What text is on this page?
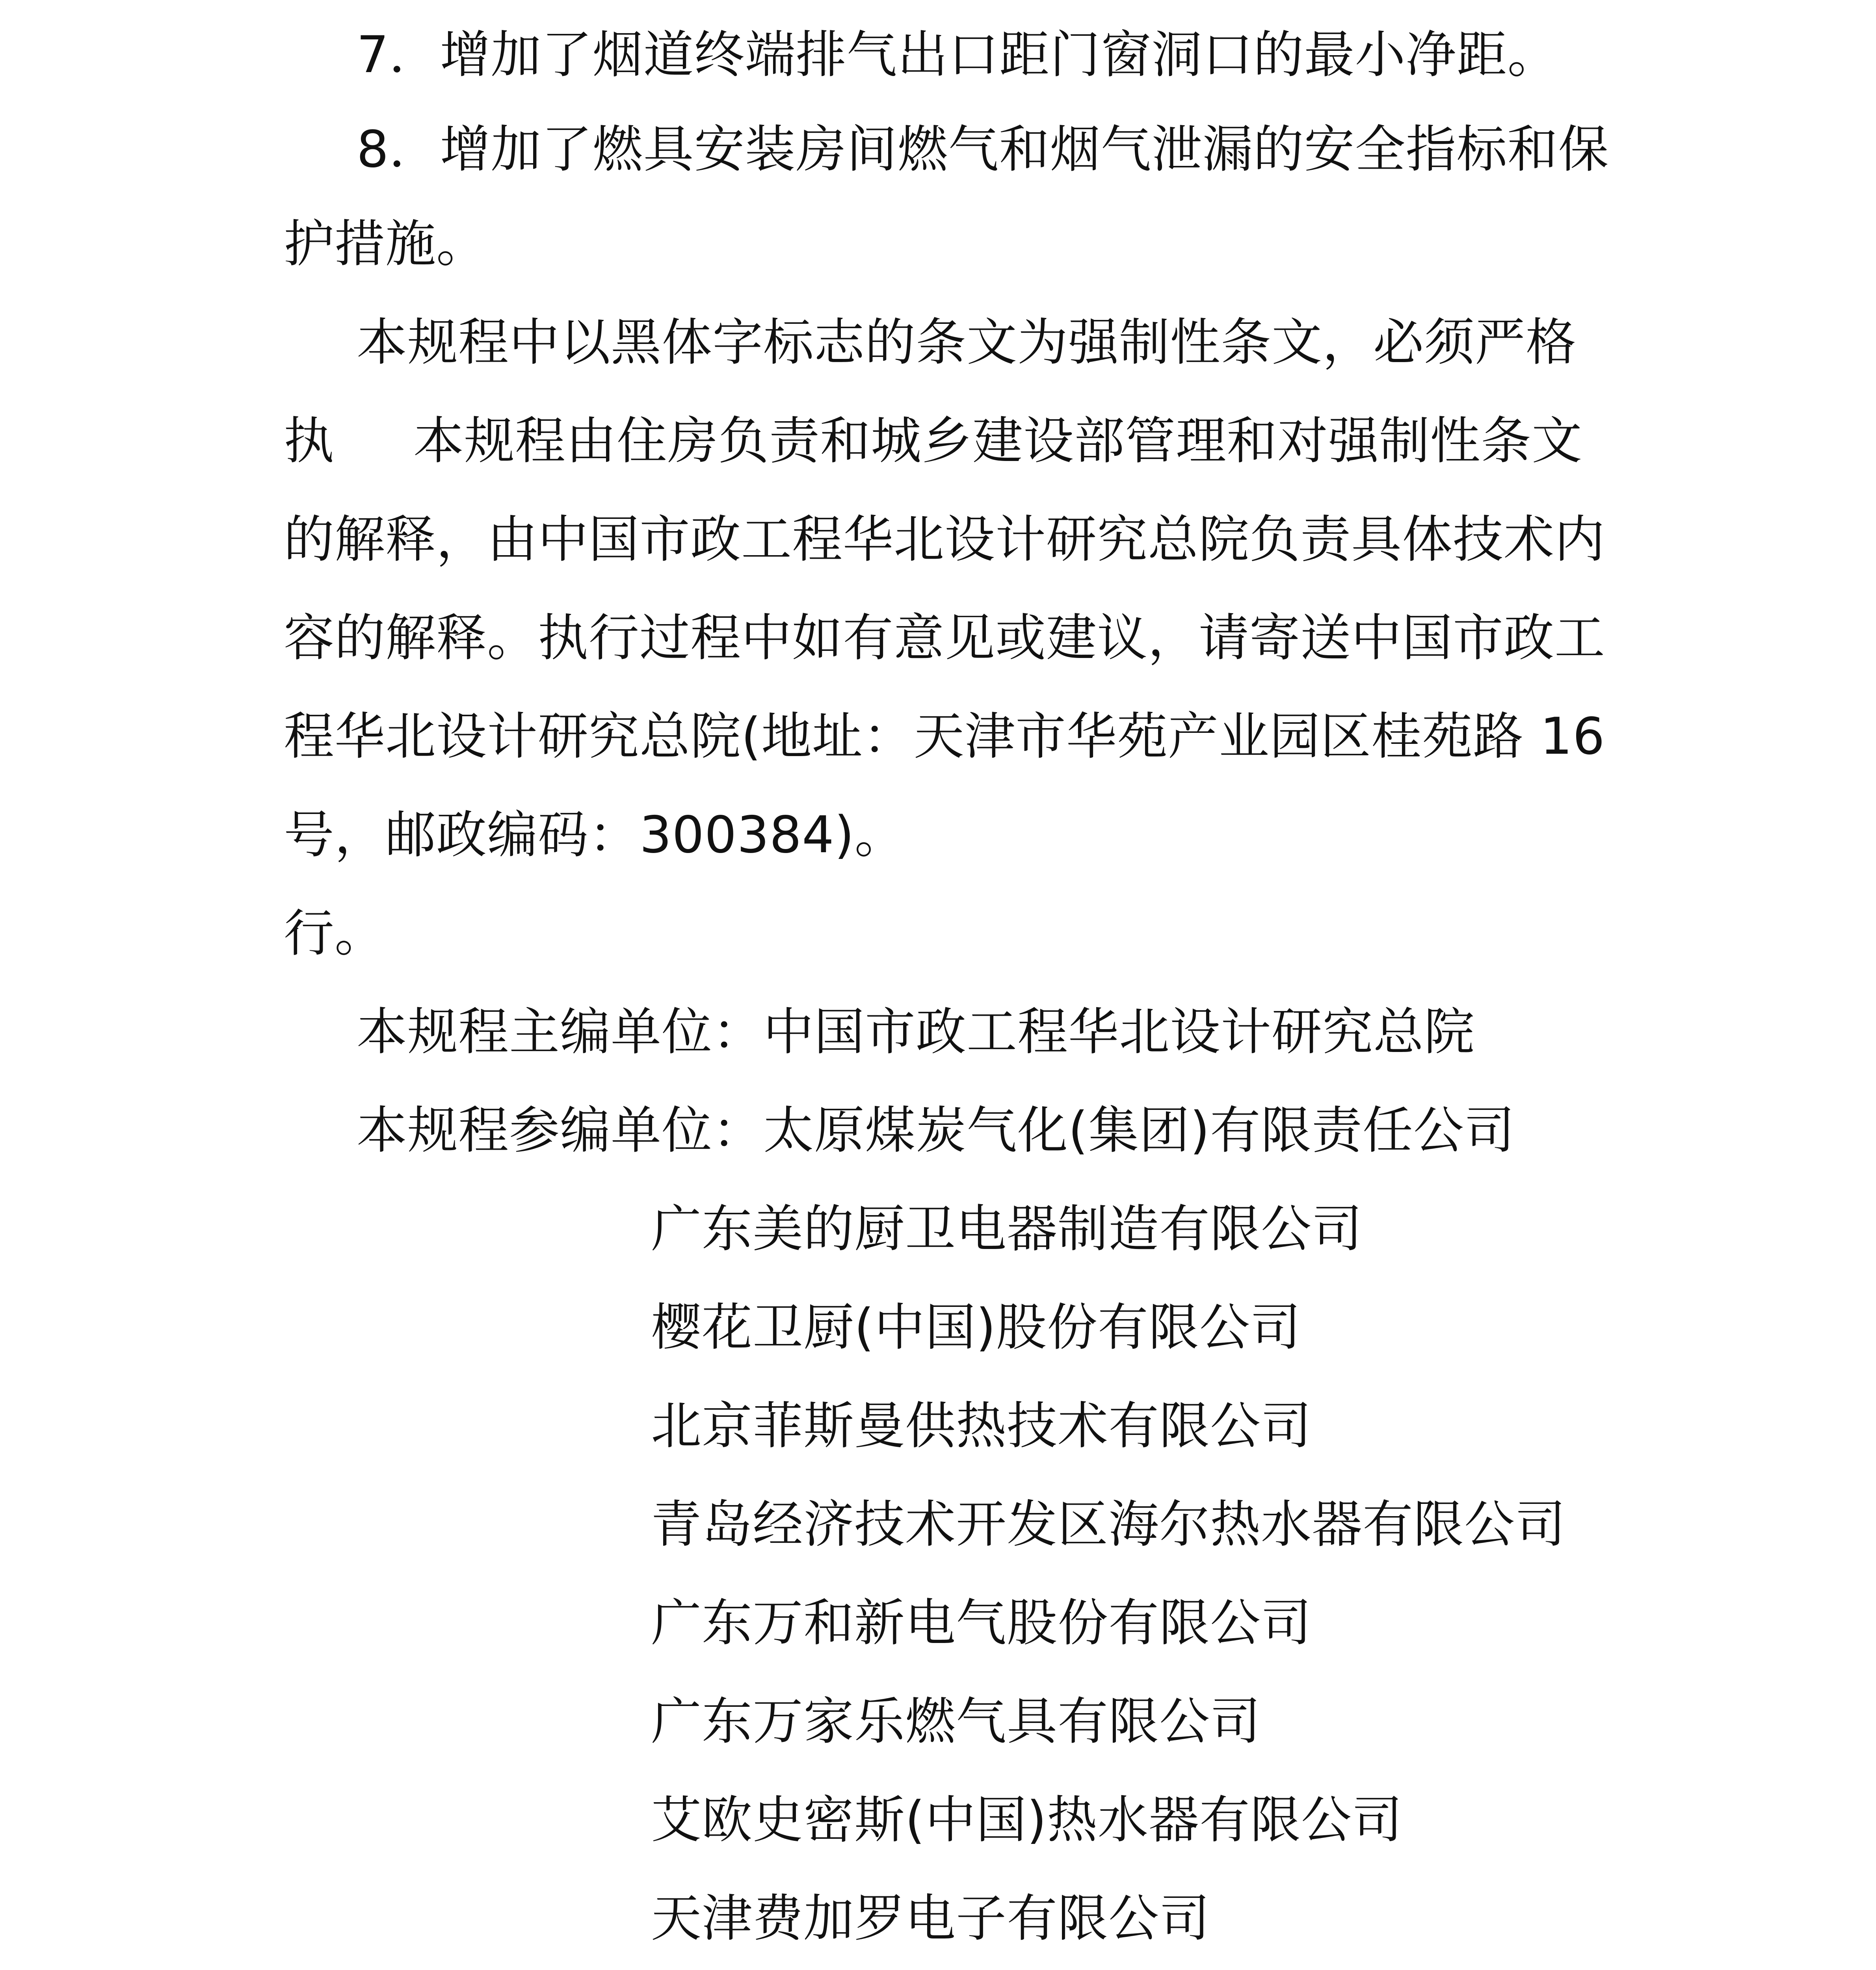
7．增加了烟道终端排气出口距门窗洞口的最小净距。
8．增加了燃具安装房间燃气和烟气泄漏的安全指标和保
护措施。
本规程中以黑体字标志的条文为强制性条文，必须严格
执 本规程由住房负责和城乡建设部管理和对强制性条文
的解释，由中国市政工程华北设计研究总院负责具体技术内
容的解释。执行过程中如有意见或建议，请寄送中国市政工
程华北设计研究总院(地址：天津市华苑产业园区桂苑路 16
号，邮政编码：300384)。
行。
本规程主编单位：中国市政工程华北设计研究总院
本规程参编单位：太原煤炭气化(集团)有限责任公司
广东美的厨卫电器制造有限公司
樱花卫厨(中国)股份有限公司
北京菲斯曼供热技术有限公司
青岛经济技术开发区海尔热水器有限公司
广东万和新电气股份有限公司
广东万家乐燃气具有限公司
艾欧史密斯(中国)热水器有限公司
天津费加罗电子有限公司
